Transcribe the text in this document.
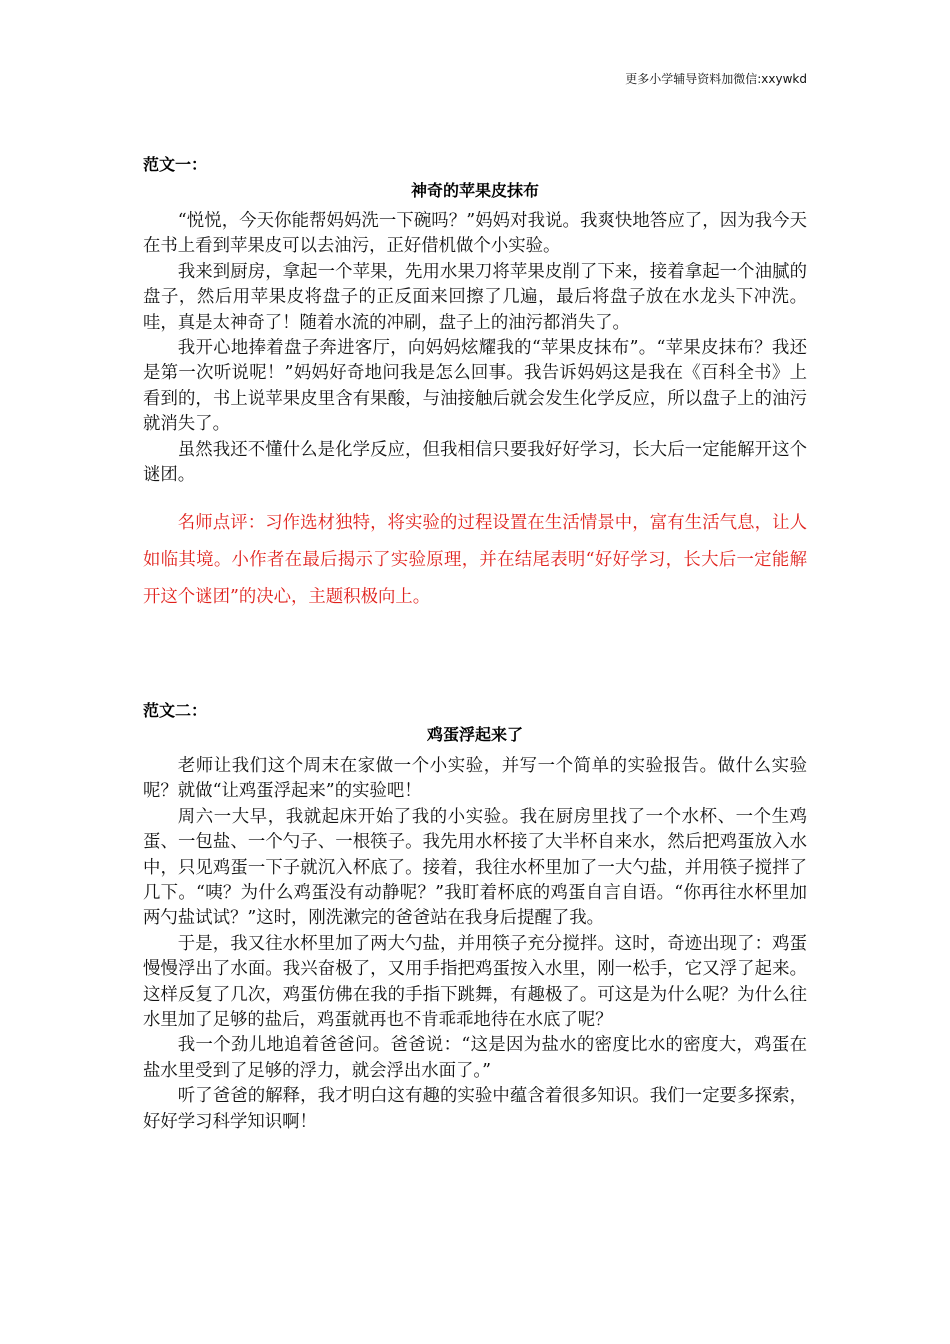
更多小学辅导资料加微信:xxywkd
范文一：
神奇的苹果皮抹布

“悦悦，今天你能帮妈妈洗一下碗吗？”妈妈对我说。我爽快地答应了，因为我今天在书上看到苹果皮可以去油污，正好借机做个小实验。

我来到厨房，拿起一个苹果，先用水果刀将苹果皮削了下来，接着拿起一个油腻的盘子，然后用苹果皮将盘子的正反面来回擦了几遍，最后将盘子放在水龙头下冲洗。哇，真是太神奇了！随着水流的冲刷，盘子上的油污都消失了。

我开心地捧着盘子奔进客厅，向妈妈炫耀我的“苹果皮抹布”。“苹果皮抹布？我还是第一次听说呢！”妈妈好奇地问我是怎么回事。我告诉妈妈这是我在《百科全书》上看到的，书上说苹果皮里含有果酸，与油接触后就会发生化学反应，所以盘子上的油污就消失了。

虽然我还不懂什么是化学反应，但我相信只要我好好学习，长大后一定能解开这个谜团。

名师点评：习作选材独特，将实验的过程设置在生活情景中，富有生活气息，让人如临其境。小作者在最后揭示了实验原理，并在结尾表明“好好学习，长大后一定能解开这个谜团”的决心，主题积极向上。

范文二：
鸡蛋浮起来了

老师让我们这个周末在家做一个小实验，并写一个简单的实验报告。做什么实验呢？就做“让鸡蛋浮起来”的实验吧！

周六一大早，我就起床开始了我的小实验。我在厨房里找了一个水杯、一个生鸡蛋、一包盐、一个勺子、一根筷子。我先用水杯接了大半杯自来水，然后把鸡蛋放入水中，只见鸡蛋一下子就沉入杯底了。接着，我往水杯里加了一大勺盐，并用筷子搅拌了几下。“咦？为什么鸡蛋没有动静呢？”我盯着杯底的鸡蛋自言自语。“你再往水杯里加两勺盐试试？”这时，刚洗漱完的爸爸站在我身后提醒了我。

于是，我又往水杯里加了两大勺盐，并用筷子充分搅拌。这时，奇迹出现了：鸡蛋慢慢浮出了水面。我兴奋极了，又用手指把鸡蛋按入水里，刚一松手，它又浮了起来。这样反复了几次，鸡蛋仿佛在我的手指下跳舞，有趣极了。可这是为什么呢？为什么往水里加了足够的盐后，鸡蛋就再也不肯乖乖地待在水底了呢？

我一个劲儿地追着爸爸问。爸爸说：“这是因为盐水的密度比水的密度大，鸡蛋在盐水里受到了足够的浮力，就会浮出水面了。”

听了爸爸的解释，我才明白这有趣的实验中蕴含着很多知识。我们一定要多探索，好好学习科学知识啊！
